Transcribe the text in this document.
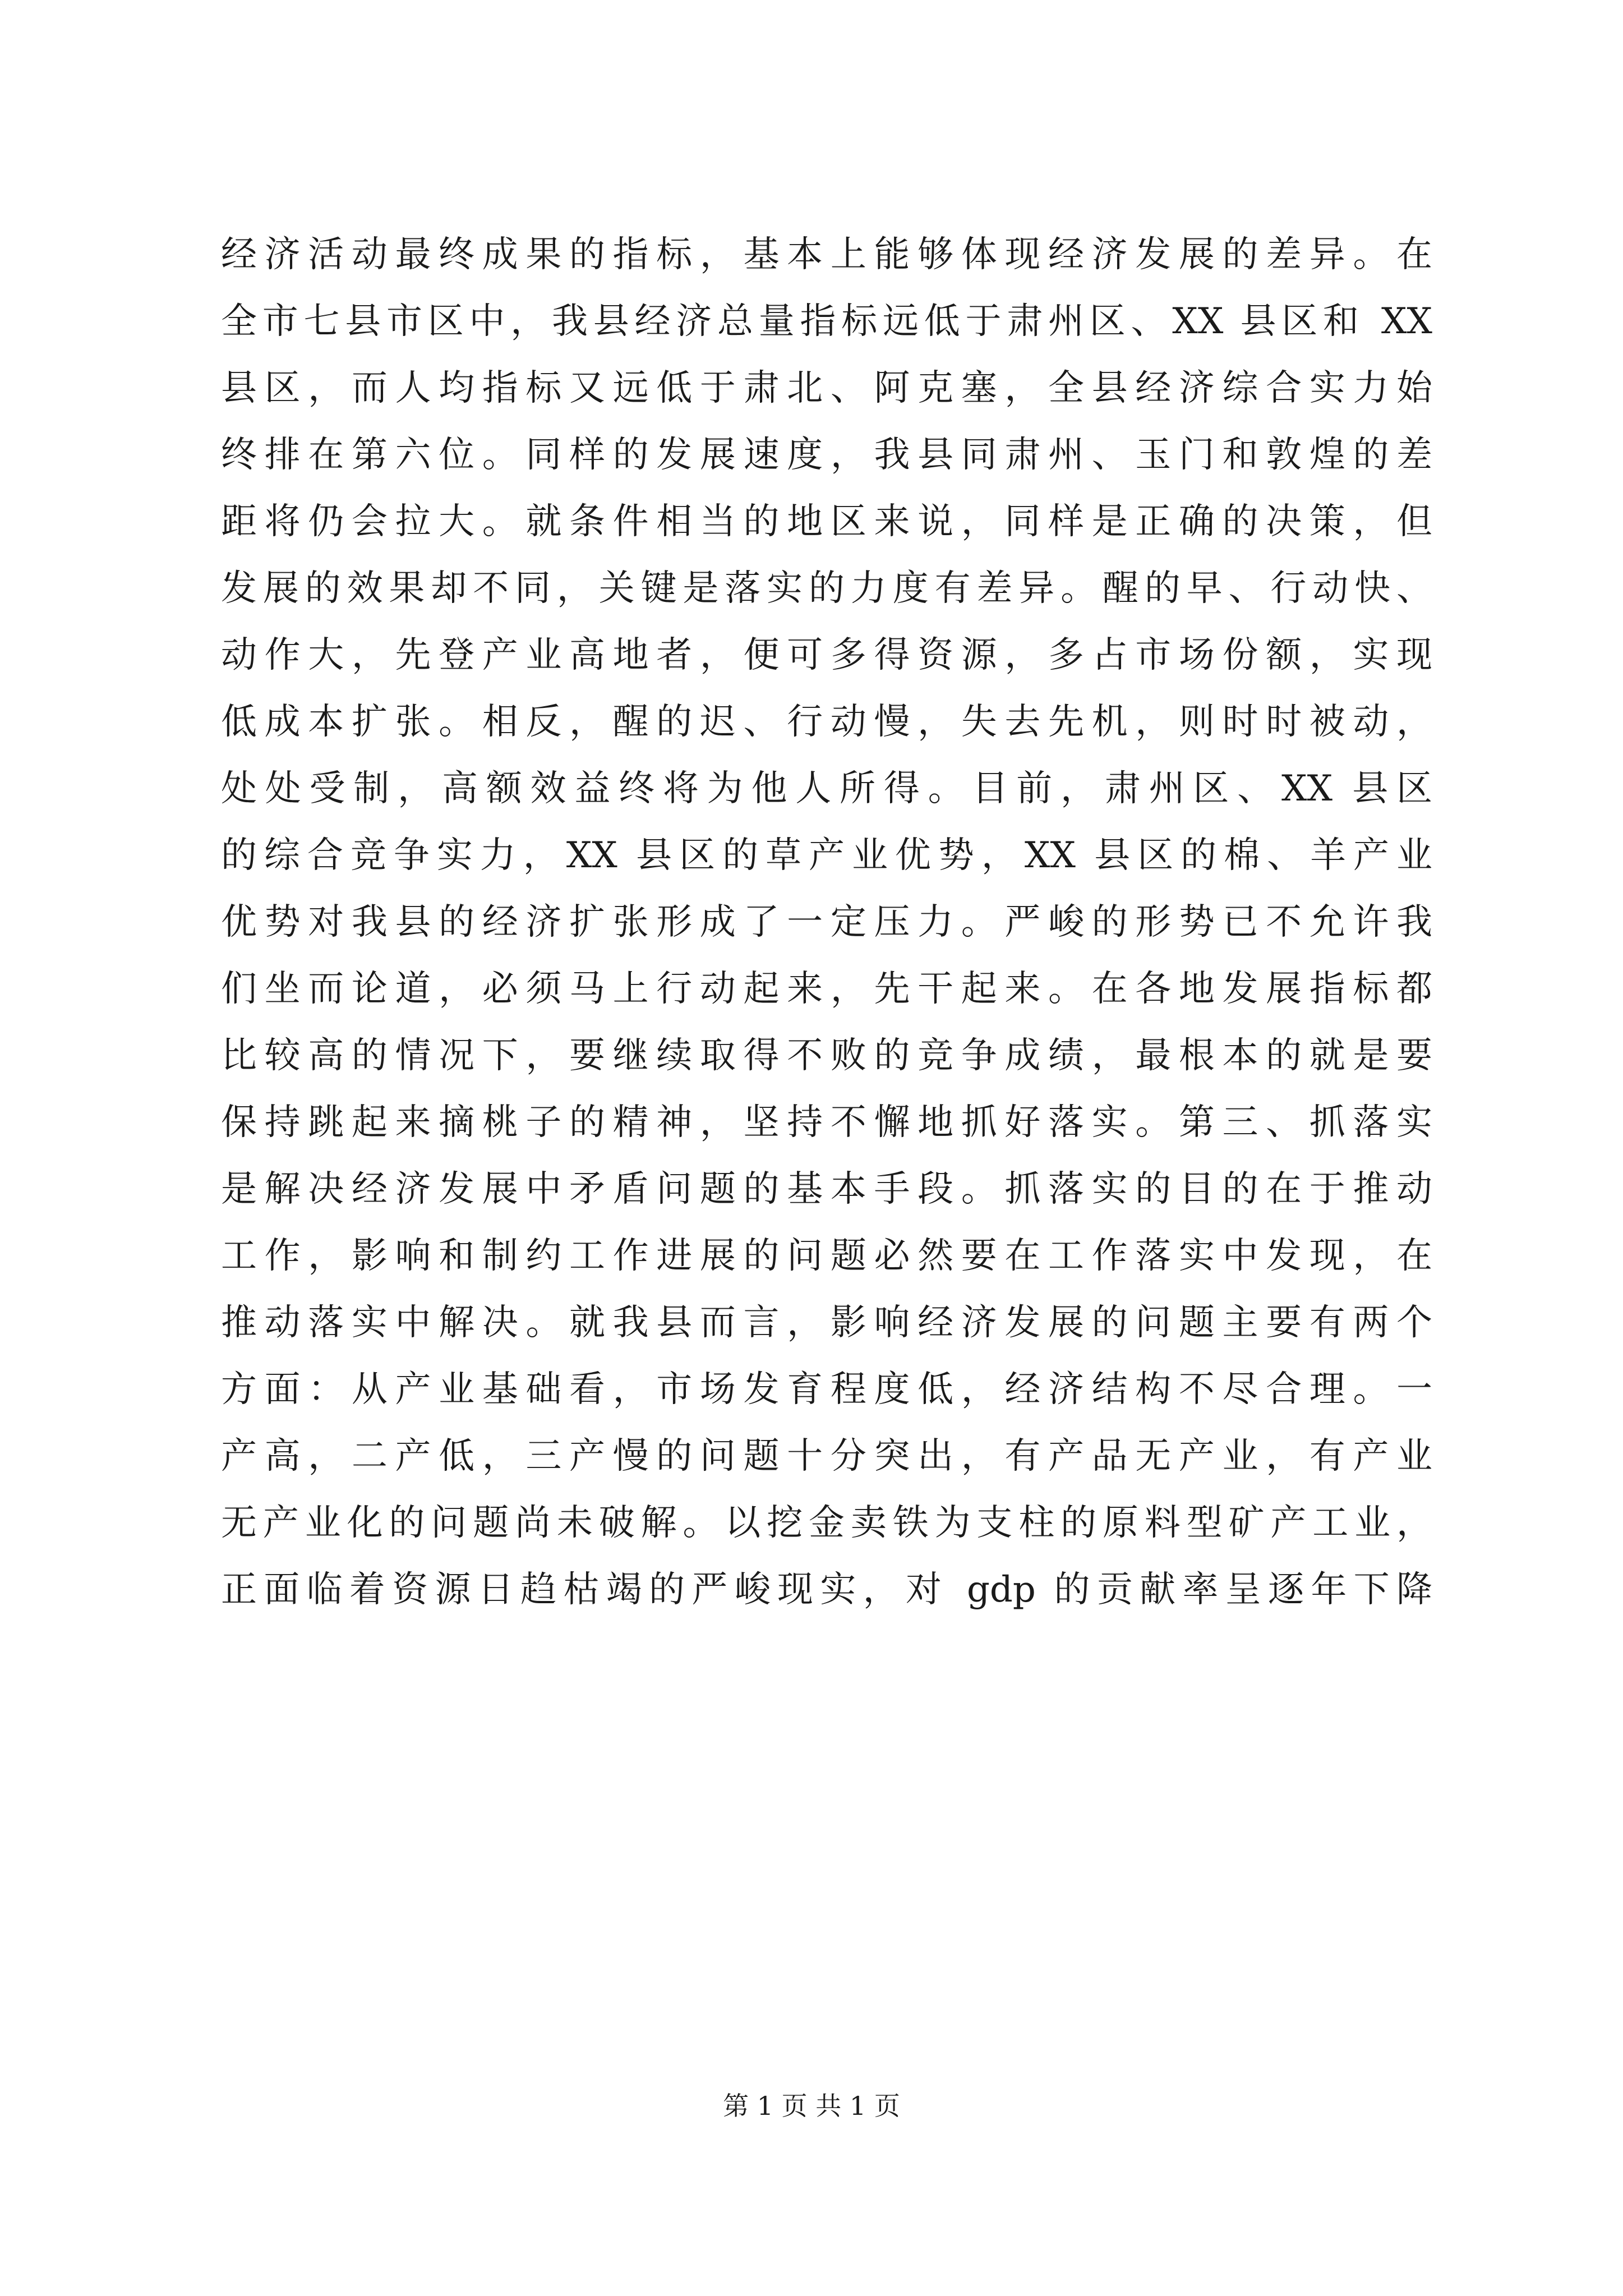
经济活动最终成果的指标，基本上能够体现经济发展的差异。在
全市七县市区中，我县经济总量指标远低于肃州区、XX 县区和 XX
县区，而人均指标又远低于肃北、阿克塞，全县经济综合实力始
终排在第六位。同样的发展速度，我县同肃州、玉门和敦煌的差
距将仍会拉大。就条件相当的地区来说，同样是正确的决策，但
发展的效果却不同，关键是落实的力度有差异。醒的早、行动快、
动作大，先登产业高地者，便可多得资源，多占市场份额，实现
低成本扩张。相反，醒的迟、行动慢，失去先机，则时时被动，
处处受制，高额效益终将为他人所得。目前，肃州区、XX 县区
的综合竞争实力，XX 县区的草产业优势，XX 县区的棉、羊产业
优势对我县的经济扩张形成了一定压力。严峻的形势已不允许我
们坐而论道，必须马上行动起来，先干起来。在各地发展指标都
比较高的情况下，要继续取得不败的竞争成绩，最根本的就是要
保持跳起来摘桃子的精神，坚持不懈地抓好落实。第三、抓落实
是解决经济发展中矛盾问题的基本手段。抓落实的目的在于推动
工作，影响和制约工作进展的问题必然要在工作落实中发现，在
推动落实中解决。就我县而言，影响经济发展的问题主要有两个
方面：从产业基础看，市场发育程度低，经济结构不尽合理。一
产高，二产低，三产慢的问题十分突出，有产品无产业，有产业
无产业化的问题尚未破解。以挖金卖铁为支柱的原料型矿产工业，
正面临着资源日趋枯竭的严峻现实，对 gdp 的贡献率呈逐年下降
第 1 页 共 1 页
